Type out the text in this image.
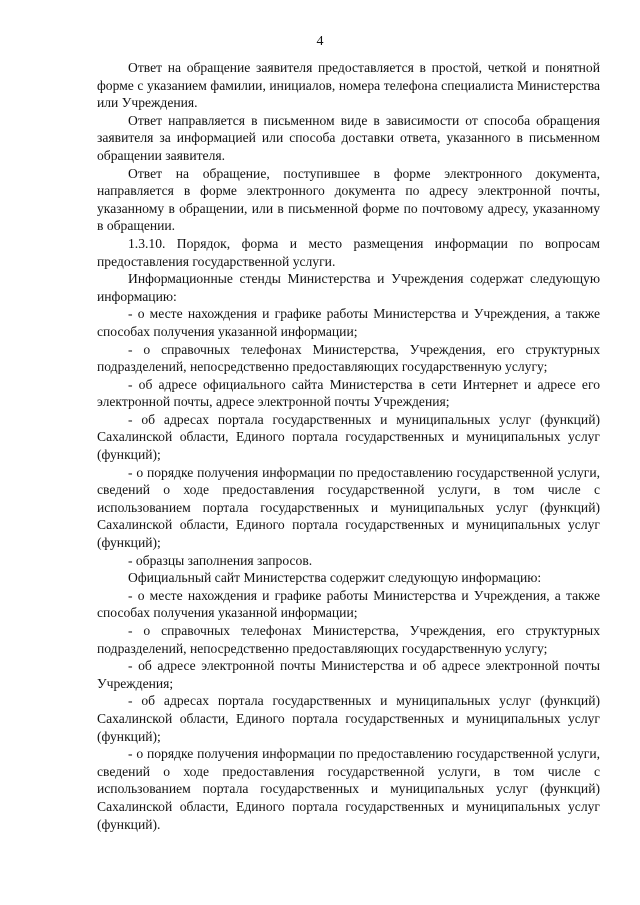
4

Ответ на обращение заявителя предоставляется в простой, четкой и понятной форме с указанием фамилии, инициалов, номера телефона специалиста Министерства или Учреждения.

Ответ направляется в письменном виде в зависимости от способа обращения заявителя за информацией или способа доставки ответа, указанного в письменном обращении заявителя.

Ответ на обращение, поступившее в форме электронного документа, направляется в форме электронного документа по адресу электронной почты, указанному в обращении, или в письменной форме по почтовому адресу, указанному в обращении.

1.3.10. Порядок, форма и место размещения информации по вопросам предоставления государственной услуги.

Информационные стенды Министерства и Учреждения содержат следующую информацию:

- о месте нахождения и графике работы Министерства и Учреждения, а также способах получения указанной информации;

- о справочных телефонах Министерства, Учреждения, его структурных подразделений, непосредственно предоставляющих государственную услугу;

- об адресе официального сайта Министерства в сети Интернет и адресе его электронной почты, адресе электронной почты Учреждения;

- об адресах портала государственных и муниципальных услуг (функций) Сахалинской области, Единого портала государственных и муниципальных услуг (функций);

- о порядке получения информации по предоставлению государственной услуги, сведений о ходе предоставления государственной услуги, в том числе с использованием портала государственных и муниципальных услуг (функций) Сахалинской области, Единого портала государственных и муниципальных услуг (функций);

- образцы заполнения запросов.

Официальный сайт Министерства содержит следующую информацию:

- о месте нахождения и графике работы Министерства и Учреждения, а также способах получения указанной информации;

- о справочных телефонах Министерства, Учреждения, его структурных подразделений, непосредственно предоставляющих государственную услугу;

- об адресе электронной почты Министерства и об адресе электронной почты Учреждения;

- об адресах портала государственных и муниципальных услуг (функций) Сахалинской области, Единого портала государственных и муниципальных услуг (функций);

- о порядке получения информации по предоставлению государственной услуги, сведений о ходе предоставления государственной услуги, в том числе с использованием портала государственных и муниципальных услуг (функций) Сахалинской области, Единого портала государственных и муниципальных услуг (функций).
